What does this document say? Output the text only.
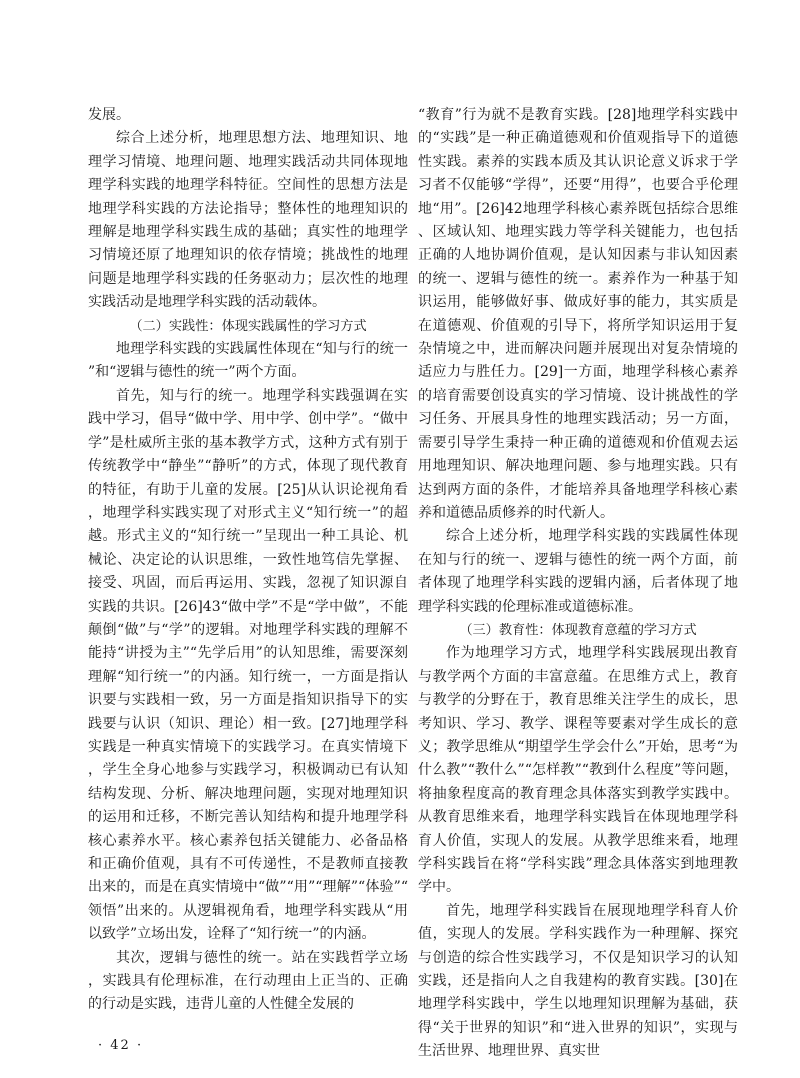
发展。

综合上述分析，地理思想方法、地理知识、地理学习情境、地理问题、地理实践活动共同体现地理学科实践的地理学科特征。空间性的思想方法是地理学科实践的方法论指导；整体性的地理知识的理解是地理学科实践生成的基础；真实性的地理学习情境还原了地理知识的依存情境；挑战性的地理问题是地理学科实践的任务驱动力；层次性的地理实践活动是地理学科实践的活动载体。

（二）实践性：体现实践属性的学习方式

地理学科实践的实践属性体现在“知与行的统一”和“逻辑与德性的统一”两个方面。

首先，知与行的统一。地理学科实践强调在实践中学习，倡导“做中学、用中学、创中学”。“做中学”是杜威所主张的基本教学方式，这种方式有别于传统教学中“静坐”“静听”的方式，体现了现代教育的特征，有助于儿童的发展。[25]从认识论视角看，地理学科实践实现了对形式主义“知行统一”的超越。形式主义的“知行统一”呈现出一种工具论、机械论、决定论的认识思维，一致性地笃信先掌握、接受、巩固，而后再运用、实践，忽视了知识源自实践的共识。[26]43“做中学”不是“学中做”，不能颠倒“做”与“学”的逻辑。对地理学科实践的理解不能持“讲授为主”“先学后用”的认知思维，需要深刻理解“知行统一”的内涵。知行统一，一方面是指认识要与实践相一致，另一方面是指知识指导下的实践要与认识（知识、理论）相一致。[27]地理学科实践是一种真实情境下的实践学习。在真实情境下，学生全身心地参与实践学习，积极调动已有认知结构发现、分析、解决地理问题，实现对地理知识的运用和迁移，不断完善认知结构和提升地理学科核心素养水平。核心素养包括关键能力、必备品格和正确价值观，具有不可传递性，不是教师直接教出来的，而是在真实情境中“做”“用”“理解”“体验”“领悟”出来的。从逻辑视角看，地理学科实践从“用以致学”立场出发，诠释了“知行统一”的内涵。

其次，逻辑与德性的统一。站在实践哲学立场，实践具有伦理标准，在行动理由上正当的、正确的行动是实践，违背儿童的人性健全发展的

“教育”行为就不是教育实践。[28]地理学科实践中的“实践”是一种正确道德观和价值观指导下的道德性实践。素养的实践本质及其认识论意义诉求于学习者不仅能够“学得”，还要“用得”，也要合乎伦理地“用”。[26]42地理学科核心素养既包括综合思维、区域认知、地理实践力等学科关键能力，也包括正确的人地协调价值观，是认知因素与非认知因素的统一、逻辑与德性的统一。素养作为一种基于知识运用，能够做好事、做成好事的能力，其实质是在道德观、价值观的引导下，将所学知识运用于复杂情境之中，进而解决问题并展现出对复杂情境的适应力与胜任力。[29]一方面，地理学科核心素养的培育需要创设真实的学习情境、设计挑战性的学习任务、开展具身性的地理实践活动；另一方面，需要引导学生秉持一种正确的道德观和价值观去运用地理知识、解决地理问题、参与地理实践。只有达到两方面的条件，才能培养具备地理学科核心素养和道德品质修养的时代新人。

综合上述分析，地理学科实践的实践属性体现在知与行的统一、逻辑与德性的统一两个方面，前者体现了地理学科实践的逻辑内涵，后者体现了地理学科实践的伦理标准或道德标准。

（三）教育性：体现教育意蕴的学习方式

作为地理学习方式，地理学科实践展现出教育与教学两个方面的丰富意蕴。在思维方式上，教育与教学的分野在于，教育思维关注学生的成长，思考知识、学习、教学、课程等要素对学生成长的意义；教学思维从“期望学生学会什么”开始，思考“为什么教”“教什么”“怎样教”“教到什么程度”等问题，将抽象程度高的教育理念具体落实到教学实践中。从教育思维来看，地理学科实践旨在体现地理学科育人价值，实现人的发展。从教学思维来看，地理学科实践旨在将“学科实践”理念具体落实到地理教学中。

首先，地理学科实践旨在展现地理学科育人价值，实现人的发展。学科实践作为一种理解、探究与创造的综合性实践学习，不仅是知识学习的认知实践，还是指向人之自我建构的教育实践。[30]在地理学科实践中，学生以地理知识理解为基础，获得“关于世界的知识”和“进入世界的知识”，实现与生活世界、地理世界、真实世

· 42 ·
